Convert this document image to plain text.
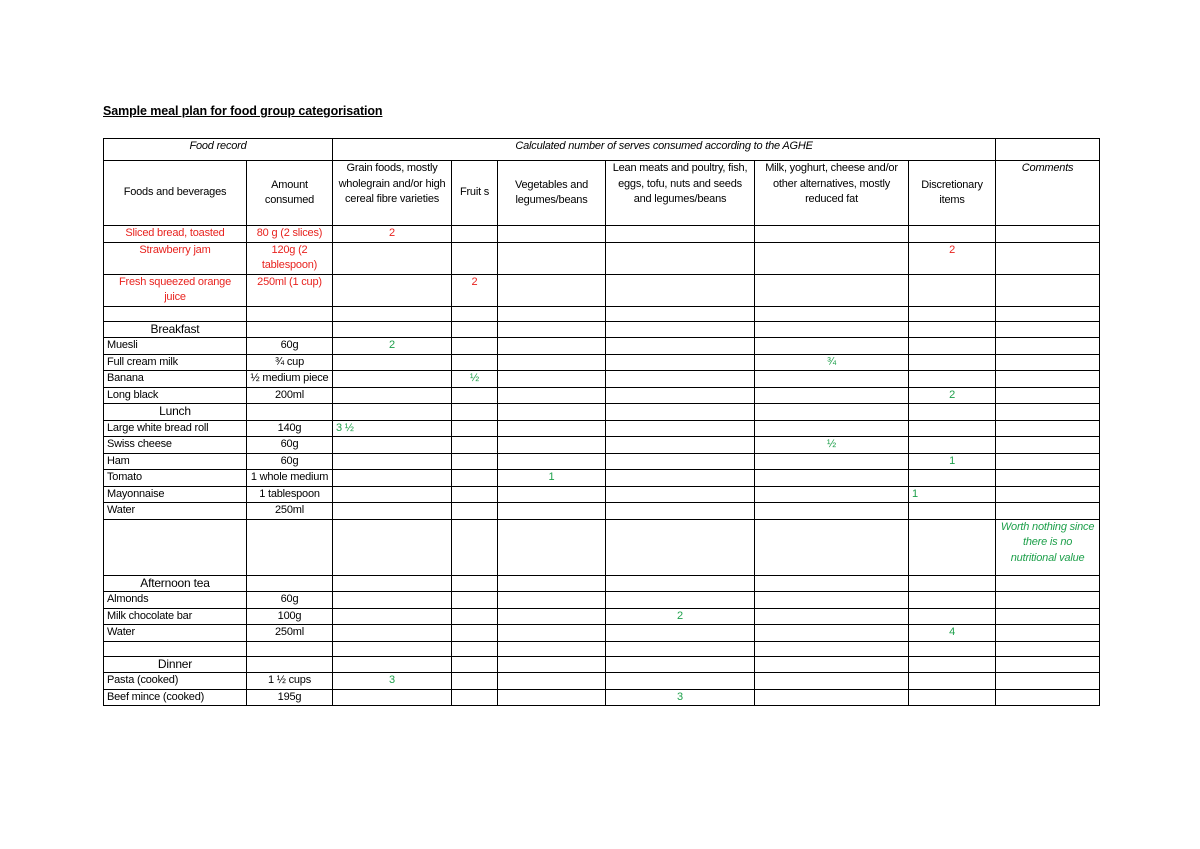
Sample meal plan for food group categorisation
Food record		Calculated number of serves consumed according to the AGHE						
Foods and beverages	Amount consumed	Grain foods, mostly wholegrain and/or high cereal fibre varieties	Fruit s	Vegetables and legumes/beans	Lean meats and poultry, fish, eggs, tofu, nuts and seeds and legumes/beans	Milk, yoghurt, cheese and/or other alternatives, mostly reduced fat	Discretionary items	Comments
Sliced bread, toasted	80 g (2 slices)	2						
Strawberry jam	120g (2 tablespoon)						2	
Fresh squeezed orange juice	250ml (1 cup)		2					

Breakfast								
Muesli	60g	2						
Full cream milk	¾ cup					¾		
Banana	½ medium piece		½					
Long black	200ml						2	
Lunch								
Large white bread roll	140g	3 ½						
Swiss cheese	60g					½		
Ham	60g						1	
Tomato	1 whole medium			1				
Mayonnaise	1 tablespoon						1	
Water	250ml							
								Worth nothing since there is no nutritional value
Afternoon tea								
Almonds	60g							
Milk chocolate bar	100g				2			
Water	250ml						4	

Dinner								
Pasta (cooked)	1 ½ cups	3						
Beef mince (cooked)	195g				3			
